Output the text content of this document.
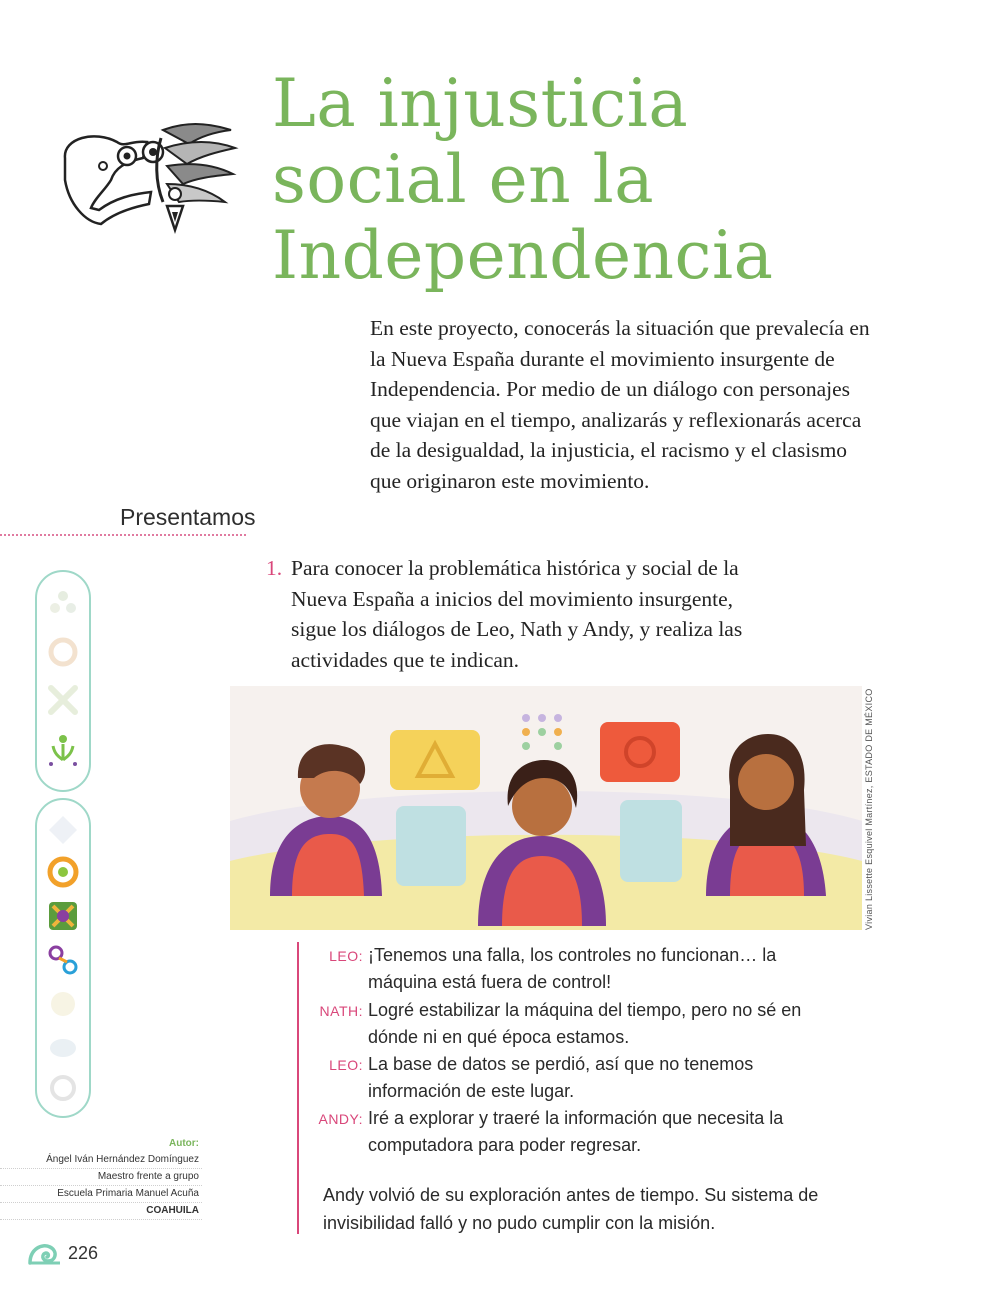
La injusticia
social en la
Independencia

En este proyecto, conocerás la situación que prevalecía en la Nueva España durante el movimiento insurgente de Independencia. Por medio de un diálogo con personajes que viajan en el tiempo, analizarás y reflexionarás acerca de la desigualdad, la injusticia, el racismo y el clasismo que originaron este movimiento.

Presentamos
Autor:
Ángel Iván Hernández Domínguez
Maestro frente a grupo
Escuela Primaria Manuel Acuña
COAHUILA
226
1. Para conocer la problemática histórica y social de la Nueva España a inicios del movimiento insurgente, sigue los diálogos de Leo, Nath y Andy, y realiza las actividades que te indican.
Vivian Lissette Esquivel Martínez, ESTADO DE MÉXICO
LEO: ¡Tenemos una falla, los controles no funcionan… la máquina está fuera de control!
NATH: Logré estabilizar la máquina del tiempo, pero no sé en dónde ni en qué época estamos.
LEO: La base de datos se perdió, así que no tenemos información de este lugar.
ANDY: Iré a explorar y traeré la información que necesita la computadora para poder regresar.

Andy volvió de su exploración antes de tiempo. Su sistema de invisibilidad falló y no pudo cumplir con la misión.
